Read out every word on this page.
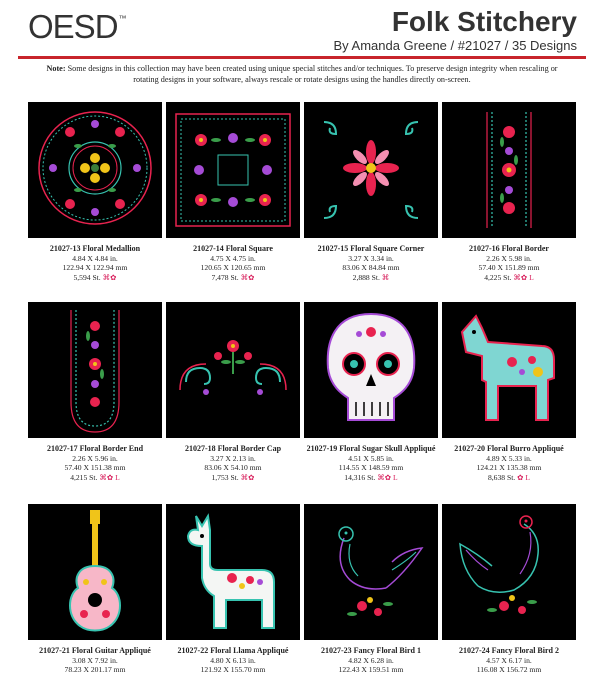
OESD™	Folk Stitchery
By Amanda Greene / #21027 / 35 Designs
Note: Some designs in this collection may have been created using unique special stitches and/or techniques. To preserve design integrity when rescaling or rotating designs in your software, always rescale or rotate designs using the handles directly on-screen.
21027-13 Floral Medallion
4.84 X 4.84 in.
122.94 X 122.94 mm
5,594 St. ⌘✿
21027-14 Floral Square
4.75 X 4.75 in.
120.65 X 120.65 mm
7,478 St. ⌘✿
21027-15 Floral Square Corner
3.27 X 3.34 in.
83.06 X 84.84 mm
2,888 St. ⌘
21027-16 Floral Border
2.26 X 5.98 in.
57.40 X 151.89 mm
4,225 St. ⌘✿ L
21027-17 Floral Border End
2.26 X 5.96 in.
57.40 X 151.38 mm
4,215 St. ⌘✿ L
21027-18 Floral Border Cap
3.27 X 2.13 in.
83.06 X 54.10 mm
1,753 St. ⌘✿
21027-19 Floral Sugar Skull Appliqué
4.51 X 5.85 in.
114.55 X 148.59 mm
14,316 St. ⌘✿ L
21027-20 Floral Burro Appliqué
4.89 X 5.33 in.
124.21 X 135.38 mm
8,638 St. ✿ L
21027-21 Floral Guitar Appliqué
3.08 X 7.92 in.
78.23 X 201.17 mm
21027-22 Floral Llama Appliqué
4.80 X 6.13 in.
121.92 X 155.70 mm
21027-23 Fancy Floral Bird 1
4.82 X 6.28 in.
122.43 X 159.51 mm
21027-24 Fancy Floral Bird 2
4.57 X 6.17 in.
116.08 X 156.72 mm
